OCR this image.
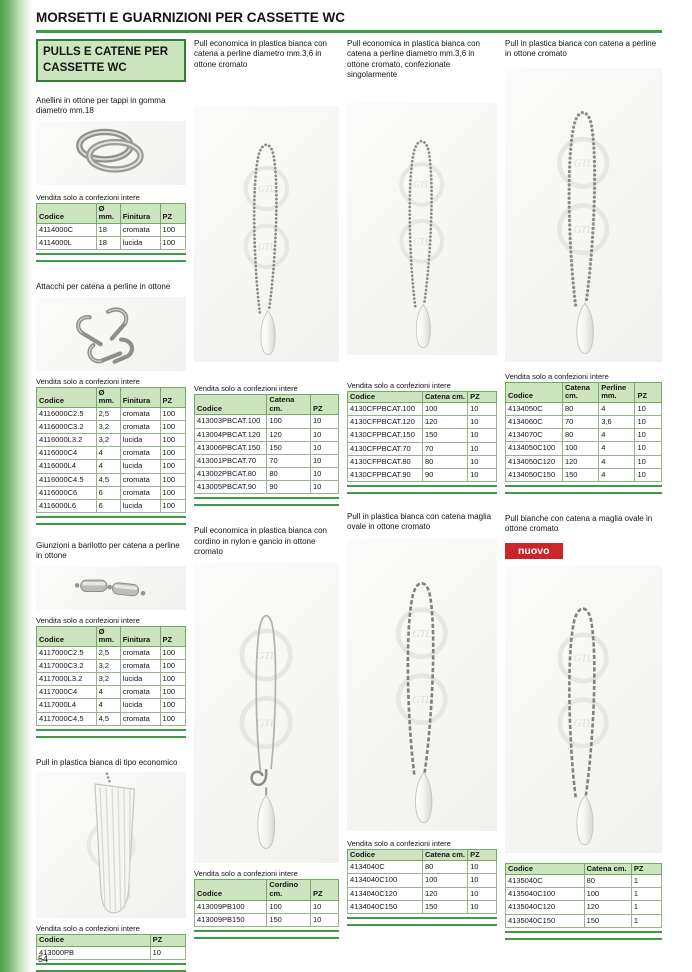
MORSETTI E GUARNIZIONI PER CASSETTE WC
PULLS E CATENE PER CASSETTE WC

Anellini in ottone per tappi in gomma diametro mm.18

Vendita solo a confezioni intere

Codice	Ø mm.	Finitura	PZ
4114000C	18	cromata	100
4114000L	18	lucida	100

Attacchi per catena a perline in ottone

Vendita solo a confezioni intere

Codice	Ø mm.	Finitura	PZ
4116000C2.5	2,5	cromata	100
4116000C3.2	3,2	cromata	100
4116000L3.2	3,2	lucida	100
4116000C4	4	cromata	100
4116000L4	4	lucida	100
4116000C4.5	4,5	cromata	100
4116000C6	6	cromata	100
4116000L6	6	lucida	100

Giunzioni a barilotto per catena a perline in ottone

Vendita solo a confezioni intere

Codice	Ø mm.	Finitura	PZ
4117000C2.5	2,5	cromata	100
4117000C3.2	3,2	cromata	100
4117000L3.2	3,2	lucida	100
4117000C4	4	cromata	100
4117000L4	4	lucida	100
4117000C4.5	4,5	cromata	100

Pull in plastica bianca di tipo economico

Vendita solo a confezioni intere

Codice	PZ
413000PB	10

Pull economica in plastica bianca con catena a perline diametro mm.3,6 in ottone cromato

GTL
GTL

Vendita solo a confezioni intere

Codice	Catena cm.	PZ
413003PBCAT.100	100	10
413004PBCAT.120	120	10
413006PBCAT.150	150	10
413001PBCAT.70	70	10
413002PBCAT.80	80	10
413005PBCAT.90	90	10

Pull economica in plastica bianca con cordino in nylon e gancio in ottone cromato

GTL
GTL

Vendita solo a confezioni intere

Codice	Cordino cm.	PZ
413009PB100	100	10
413009PB150	150	10

Pull economica in plastica bianca con catena a perline diametro mm.3,6 in ottone cromato, confezionate singolarmente

GTL
GTL

Vendita solo a confezioni intere

Codice	Catena cm.	PZ
4130CFPBCAT.100	100	10
4130CFPBCAT.120	120	10
4130CFPBCAT.150	150	10
4130CFPBCAT.70	70	10
4130CFPBCAT.80	80	10
4130CFPBCAT.90	90	10

Pull in plastica bianca con catena maglia ovale in ottone cromato

GTL
GTL

Vendita solo a confezioni intere

Codice	Catena cm.	PZ
4134040C	80	10
4134040C100	100	10
4134040C120	120	10
4134040C150	150	10

Pull in plastica bianca con catena a perline in ottone cromato

GTL
GTL

Vendita solo a confezioni intere

Codice	Catena cm.	Perline mm.	PZ
4134050C	80	4	10
4134060C	70	3,6	10
4134070C	80	4	10
4134050C100	100	4	10
4134050C120	120	4	10
4134050C150	150	4	10

Pull bianche con catena a maglia ovale in ottone cromato

nuovo
GTL
GTL
Codice	Catena cm.	PZ
4135040C	80	1
4135040C100	100	1
4135040C120	120	1
4135040C150	150	1
54
